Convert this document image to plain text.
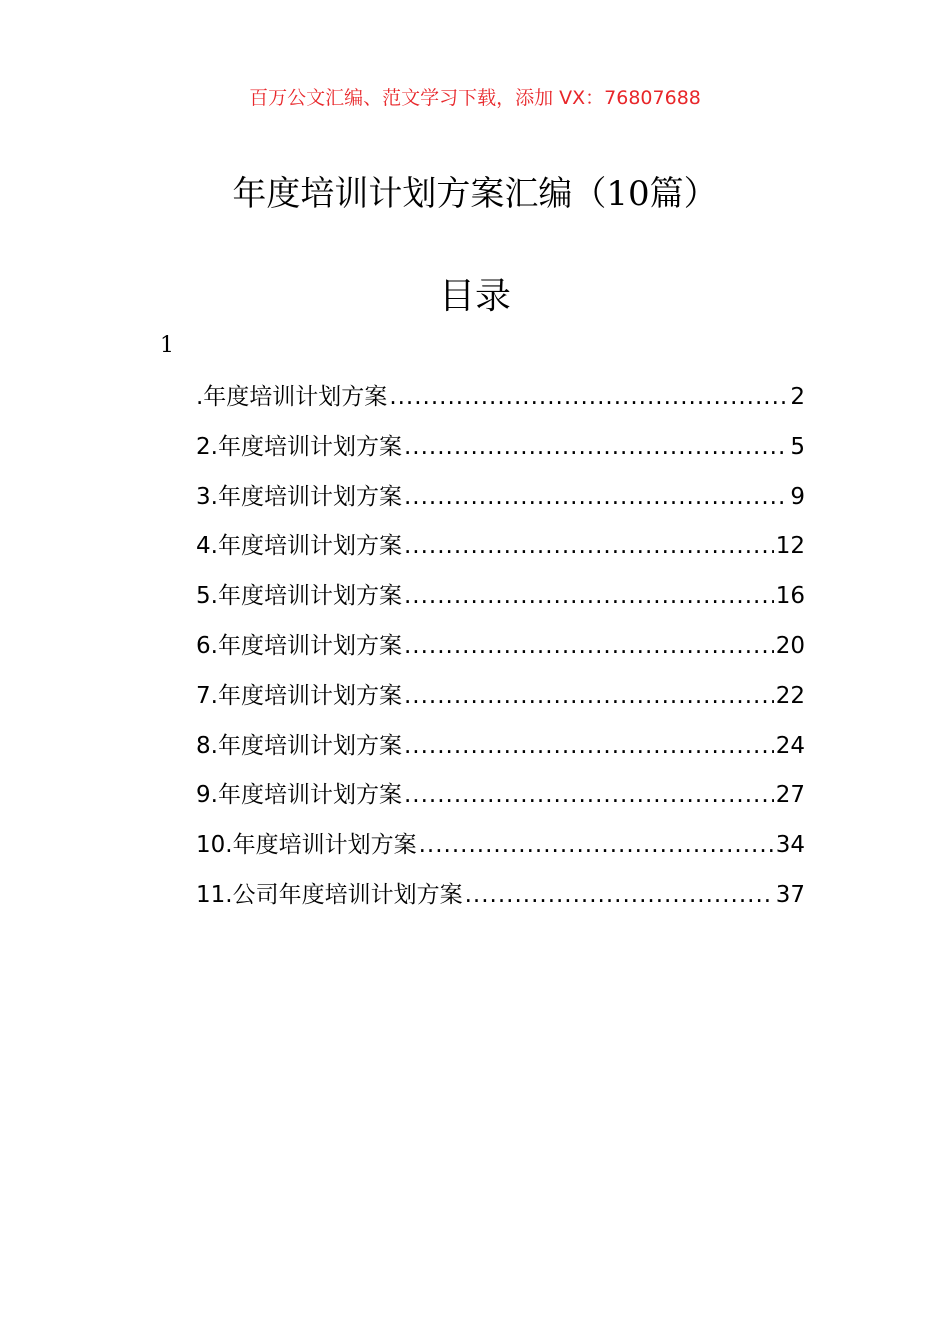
百万公文汇编、范文学习下载，添加 VX：76807688
年度培训计划方案汇编（10篇）
目录
1
.年度培训计划方案 .....	2
2.年度培训计划方案 .....	5
3.年度培训计划方案 .....	9
4.年度培训计划方案 .....	12
5.年度培训计划方案 .....	16
6.年度培训计划方案 .....	20
7.年度培训计划方案 .....	22
8.年度培训计划方案 .....	24
9.年度培训计划方案 .....	27
10.年度培训计划方案 .....	34
11.公司年度培训计划方案 .....	37
